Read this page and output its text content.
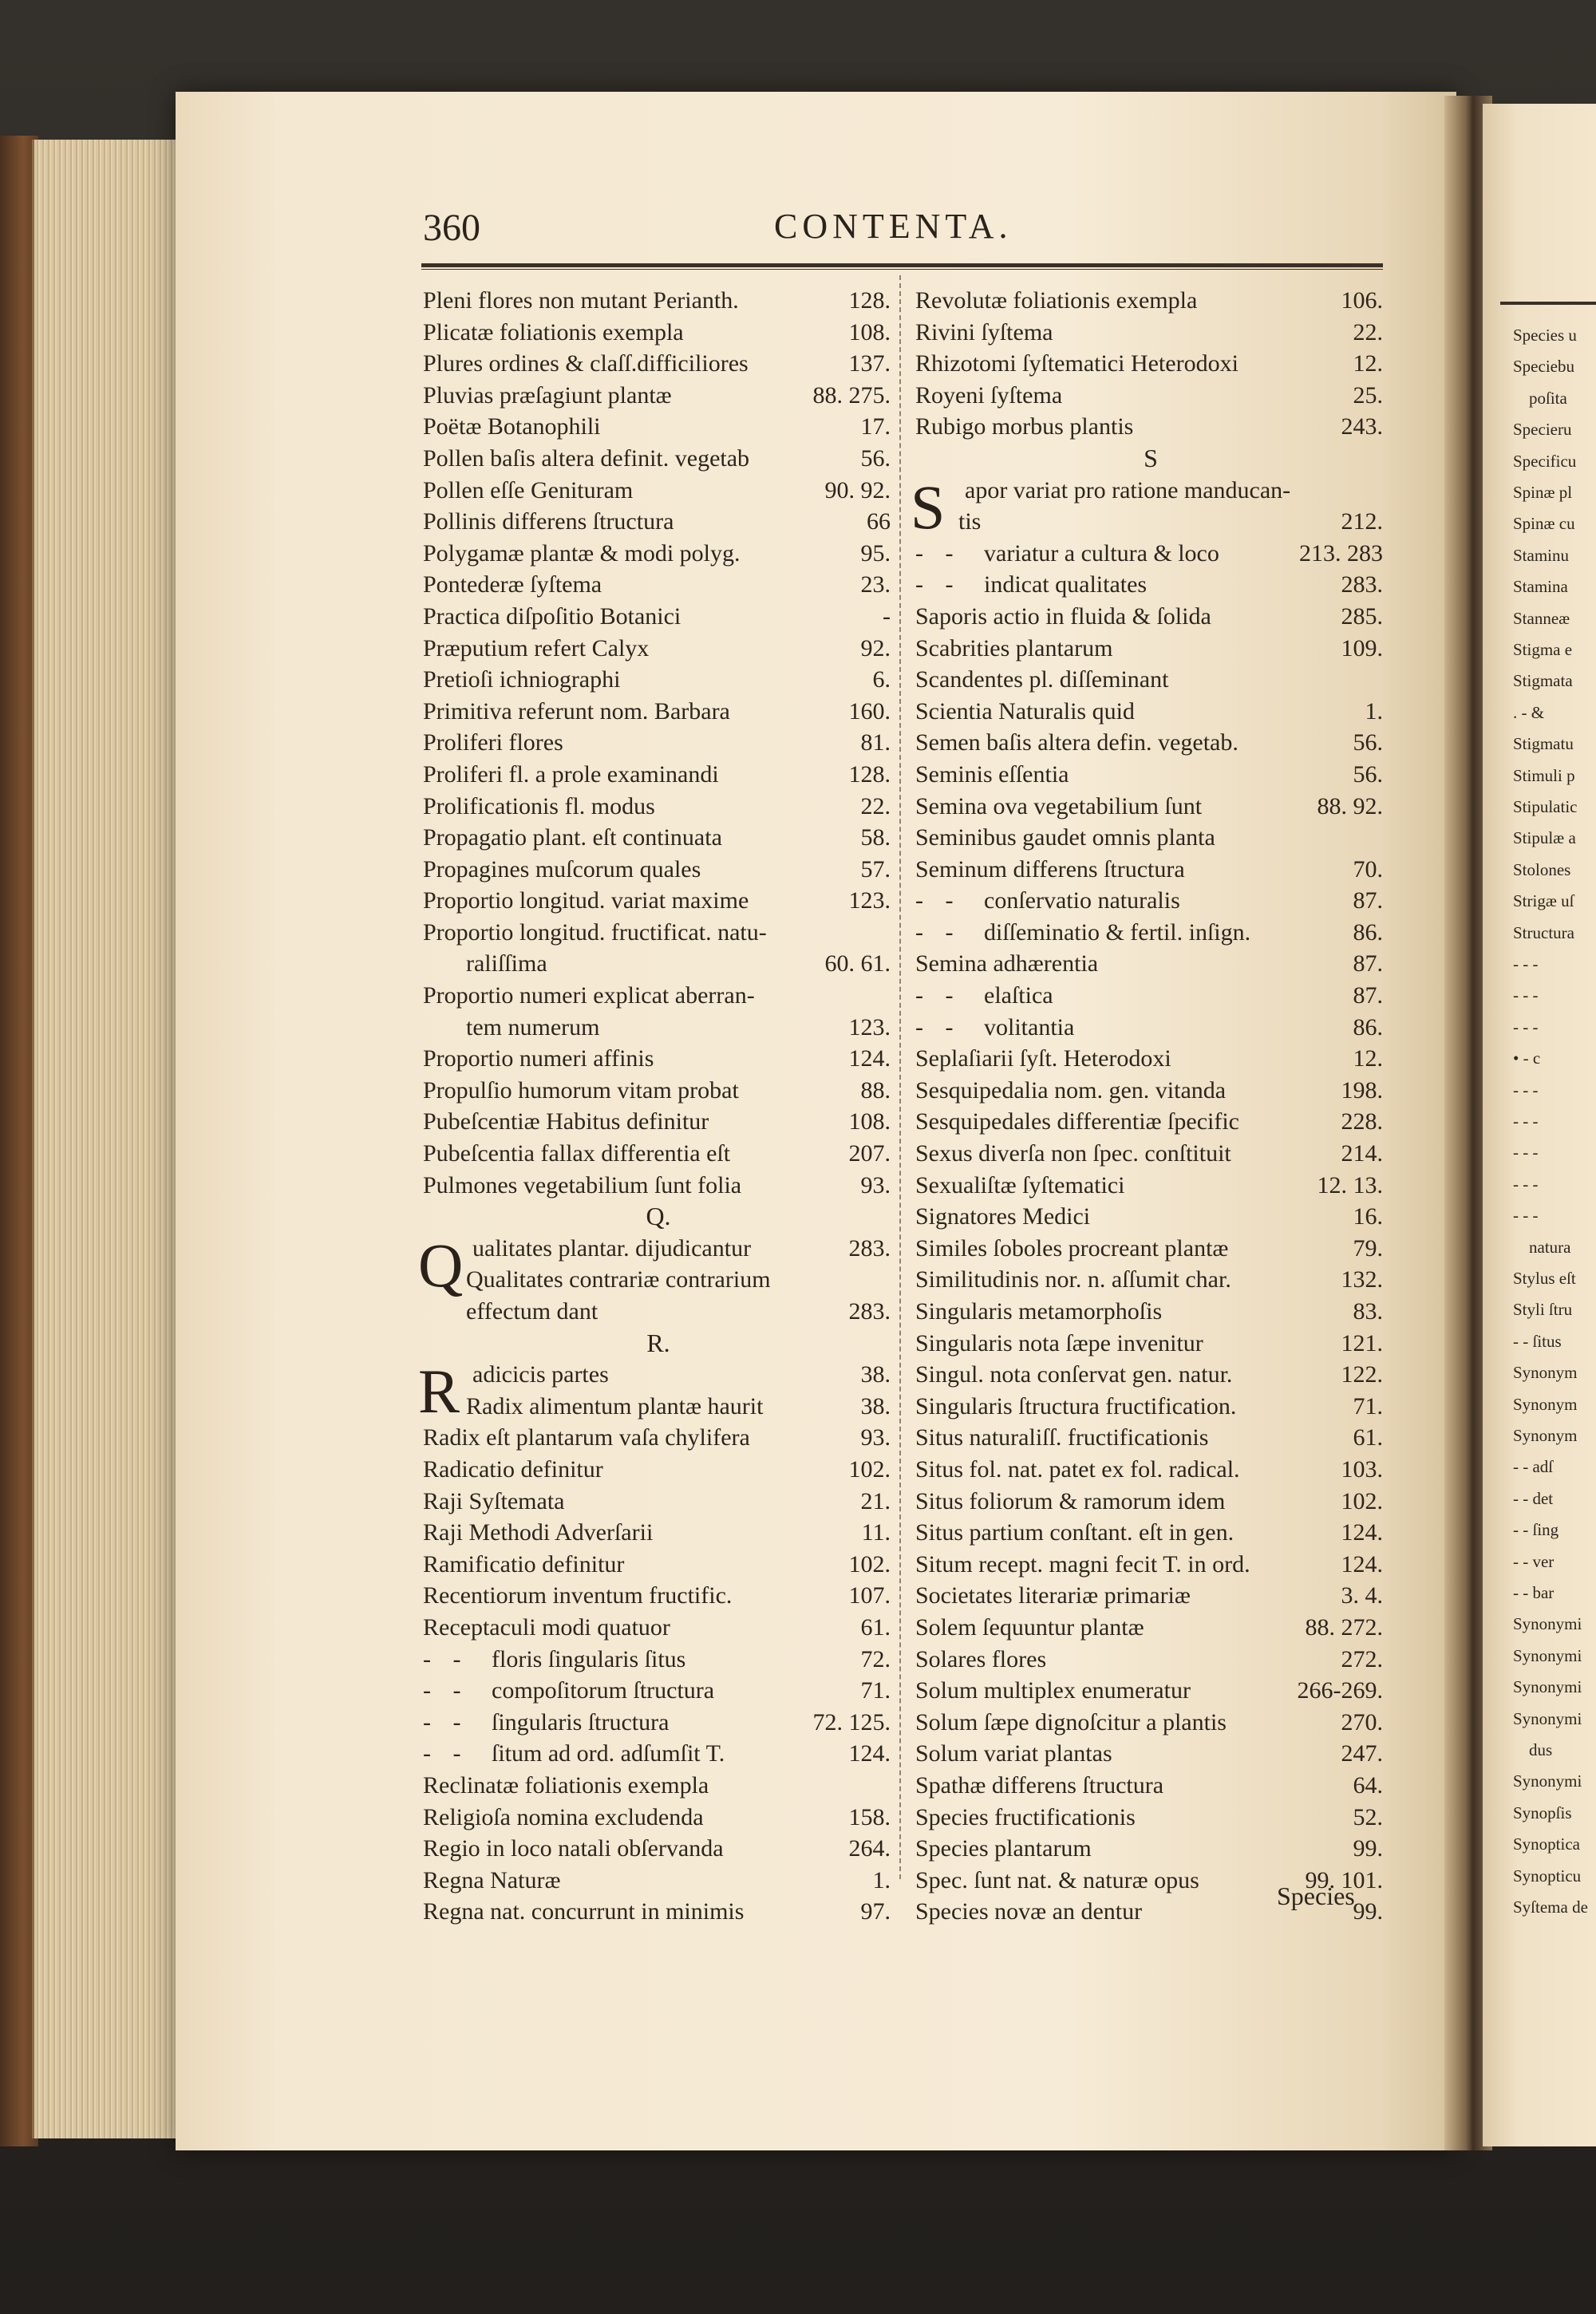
360	CONTENTA.
Pleni flores non mutant Perianth.	128.
Plicatæ foliationis exempla	108.
Plures ordines & claſſ.difficiliores	137.
Pluvias præſagiunt plantæ	88. 275.
Poëtæ Botanophili	17.
Pollen baſis altera definit. vegetab	56.
Pollen eſſe Genituram	90. 92.
Pollinis differens ſtructura	66
Polygamæ plantæ & modi polyg.	95.
Pontederæ ſyſtema	23.
Practica diſpoſitio Botanici	-
Præputium refert Calyx	92.
Pretioſi ichniographi	6.
Primitiva referunt nom. Barbara	160.
Proliferi flores	81.
Proliferi fl. a prole examinandi	128.
Prolificationis fl. modus	22.
Propagatio plant. eſt continuata	58.
Propagines muſcorum quales	57.
Proportio longitud. variat maxime	123.
Proportio longitud. fructificat. natu-
raliſſima	60. 61.
Proportio numeri explicat aberran-
tem numerum	123.
Proportio numeri affinis	124.
Propulſio humorum vitam probat	88.
Pubeſcentiæ Habitus definitur	108.
Pubeſcentia fallax differentia eſt	207.
Pulmones vegetabilium ſunt folia	93.
Q.
Q ualitates plantar. dijudicantur	283.
Qualitates contrariæ contrarium
effectum dant	283.
R.
R adicicis partes	38.
Radix alimentum plantæ haurit	38.
Radix eſt plantarum vaſa chylifera	93.
Radicatio definitur	102.
Raji Syſtemata	21.
Raji Methodi Adverſarii	11.
Ramificatio definitur	102.
Recentiorum inventum fructific.	107.
Receptaculi modi quatuor	61.
- - floris ſingularis ſitus	72.
- - compoſitorum ſtructura	71.
- - ſingularis ſtructura	72. 125.
- - ſitum ad ord. adſumſit T.	124.
Reclinatæ foliationis exempla
Religioſa nomina excludenda	158.
Regio in loco natali obſervanda	264.
Regna Naturæ	1.
Regna nat. concurrunt in minimis	97.
Revolutæ foliationis exempla	106.
Rivini ſyſtema	22.
Rhizotomi ſyſtematici Heterodoxi	12.
Royeni ſyſtema	25.
Rubigo morbus plantis	243.
S
S apor variat pro ratione manducan-
tis	212.
- - variatur a cultura & loco	213. 283
- - indicat qualitates	283.
Saporis actio in fluida & ſolida	285.
Scabrities plantarum	109.
Scandentes pl. diſſeminant
Scientia Naturalis quid	1.
Semen baſis altera defin. vegetab.	56.
Seminis eſſentia	56.
Semina ova vegetabilium ſunt	88. 92.
Seminibus gaudet omnis planta
Seminum differens ſtructura	70.
- - conſervatio naturalis	87.
- - diſſeminatio & fertil. inſign.	86.
Semina adhærentia	87.
- - elaſtica	87.
- - volitantia	86.
Seplaſiarii ſyſt. Heterodoxi	12.
Sesquipedalia nom. gen. vitanda	198.
Sesquipedales differentiæ ſpecific	228.
Sexus diverſa non ſpec. conſtituit	214.
Sexualiſtæ ſyſtematici	12. 13.
Signatores Medici	16.
Similes ſoboles procreant plantæ	79.
Similitudinis nor. n. aſſumit char.	132.
Singularis metamorphoſis	83.
Singularis nota ſæpe invenitur	121.
Singul. nota conſervat gen. natur.	122.
Singularis ſtructura fructification.	71.
Situs naturaliſſ. fructificationis	61.
Situs fol. nat. patet ex fol. radical.	103.
Situs foliorum & ramorum idem	102.
Situs partium conſtant. eſt in gen.	124.
Situm recept. magni fecit T. in ord.	124.
Societates literariæ primariæ	3. 4.
Solem ſequuntur plantæ	88. 272.
Solares flores	272.
Solum multiplex enumeratur	266-269.
Solum ſæpe dignoſcitur a plantis	270.
Solum variat plantas	247.
Spathæ differens ſtructura	64.
Species fructificationis	52.
Species plantarum	99.
Spec. ſunt nat. & naturæ opus	99. 101.
Species novæ an dentur	99.
Species
Species u
Speciebu
poſita
Specieru
Specificu
Spinæ pl
Spinæ cu
Staminu
Stamina
Stanneæ
Stigma e
Stigmata
. - &
Stigmatu
Stimuli p
Stipulatic
Stipulæ a
Stolones
Strigæ uſ
Structura
- - -
- - -
- - -
• - c
- - -
- - -
- - -
- - -
- - -
natura
Stylus eſt
Styli ſtru
- - ſitus
Synonym
Synonym
Synonym
- - adſ
- - det
- - ſing
- - ver
- - bar
Synonymi
Synonymi
Synonymi
Synonymi
dus
Synonymi
Synopſis
Synoptica
Synopticu
Syſtema de
